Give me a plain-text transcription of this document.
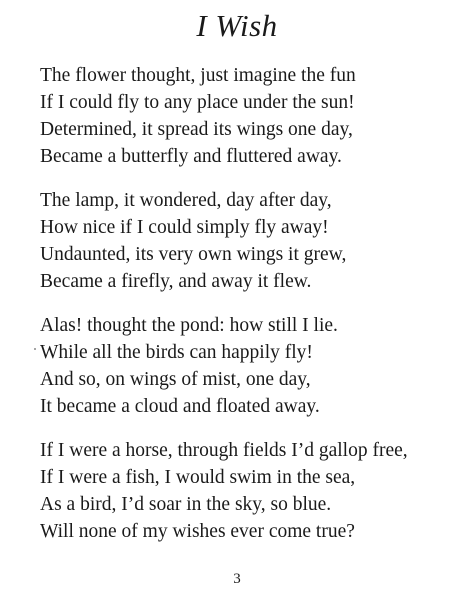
I Wish
The flower thought, just imagine the fun
If I could fly to any place under the sun!
Determined, it spread its wings one day,
Became a butterfly and fluttered away.
The lamp, it wondered, day after day,
How nice if I could simply fly away!
Undaunted, its very own wings it grew,
Became a firefly, and away it flew.
Alas! thought the pond: how still I lie.
While all the birds can happily fly!
And so, on wings of mist, one day,
It became a cloud and floated away.
If I were a horse, through fields I’d gallop free,
If I were a fish, I would swim in the sea,
As a bird, I’d soar in the sky, so blue.
Will none of my wishes ever come true?
3
